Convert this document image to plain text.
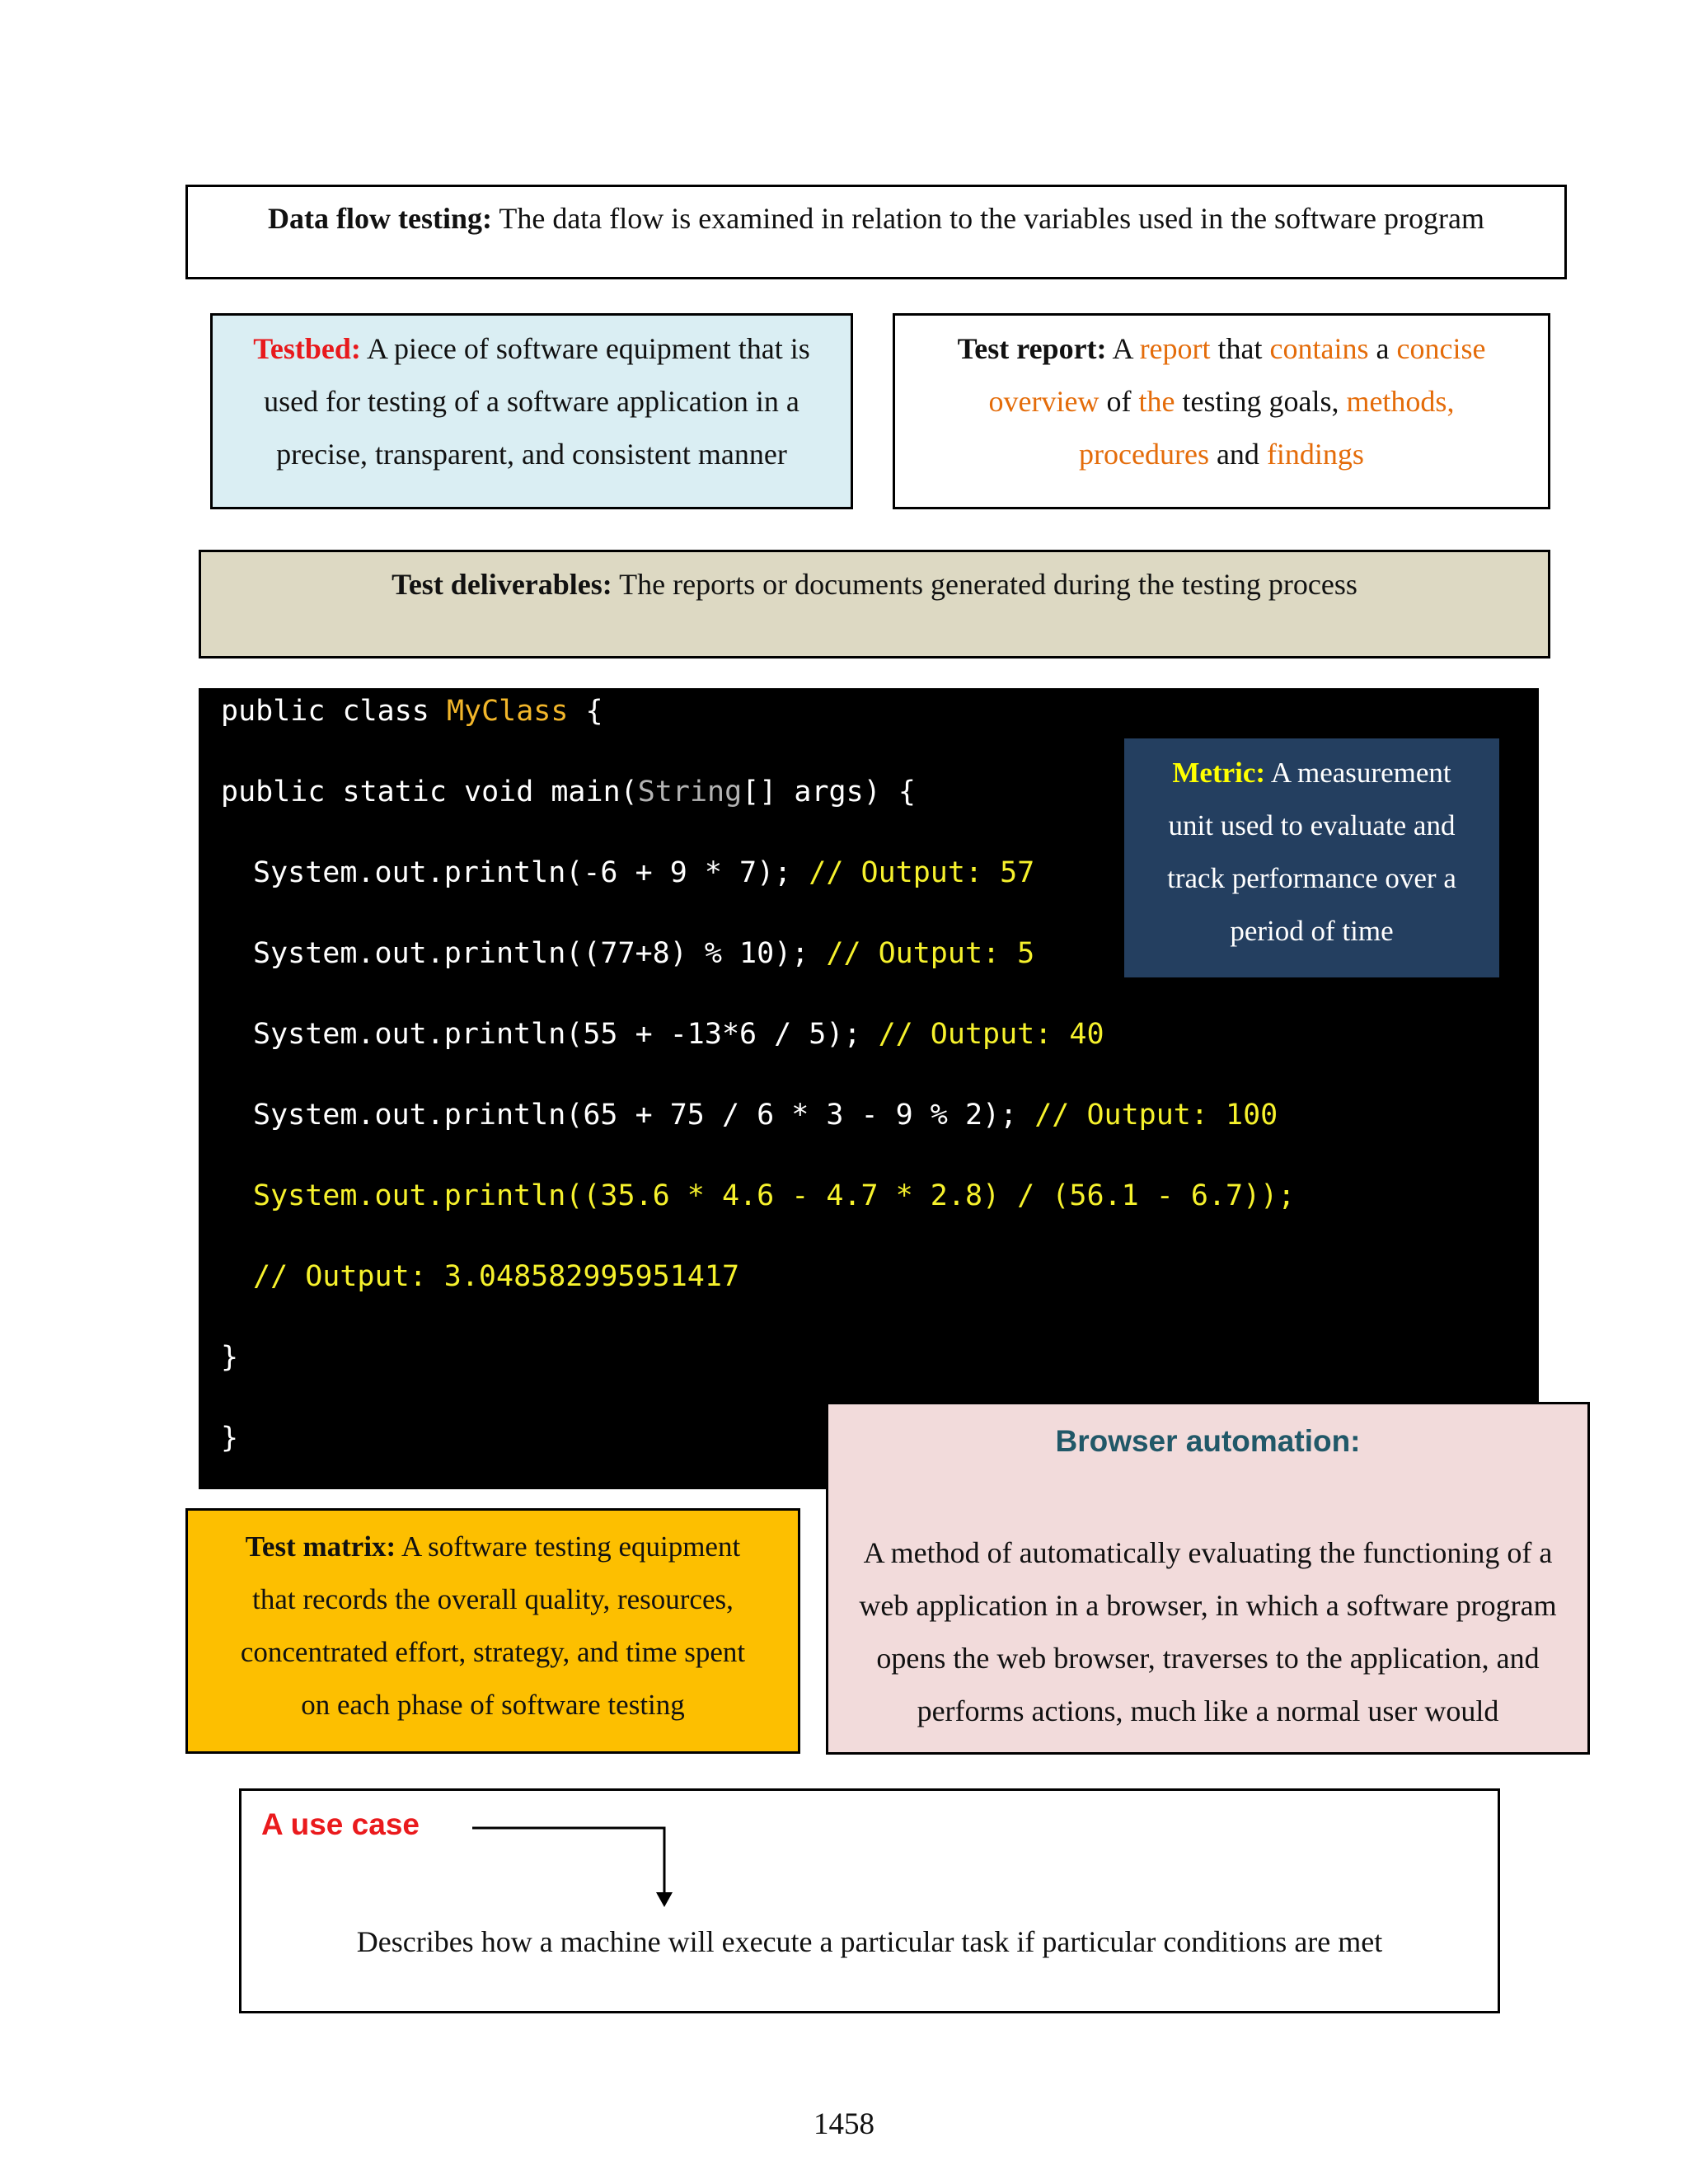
Data flow testing: The data flow is examined in relation to the variables used in the software program
Testbed: A piece of software equipment that is
used for testing of a software application in a
precise, transparent, and consistent manner
Test report: A report that contains a concise
overview of the testing goals, methods,
procedures and findings
Test deliverables: The reports or documents generated during the testing process
public class MyClass {
public static void main(String[] args) {
System.out.println(-6 + 9 * 7); // Output: 57
System.out.println((77+8) % 10); // Output: 5
System.out.println(55 + -13*6 / 5); // Output: 40
System.out.println(65 + 75 / 6 * 3 - 9 % 2); // Output: 100
System.out.println((35.6 * 4.6 - 4.7 * 2.8) / (56.1 - 6.7));
// Output: 3.048582995951417
}
}
Metric: A measurement
unit used to evaluate and
track performance over a
period of time
Test matrix: A software testing equipment
that records the overall quality, resources,
concentrated effort, strategy, and time spent
on each phase of software testing
Browser automation:
A method of automatically evaluating the functioning of a
web application in a browser, in which a software program
opens the web browser, traverses to the application, and
performs actions, much like a normal user would
A use case
Describes how a machine will execute a particular task if particular conditions are met
1458
